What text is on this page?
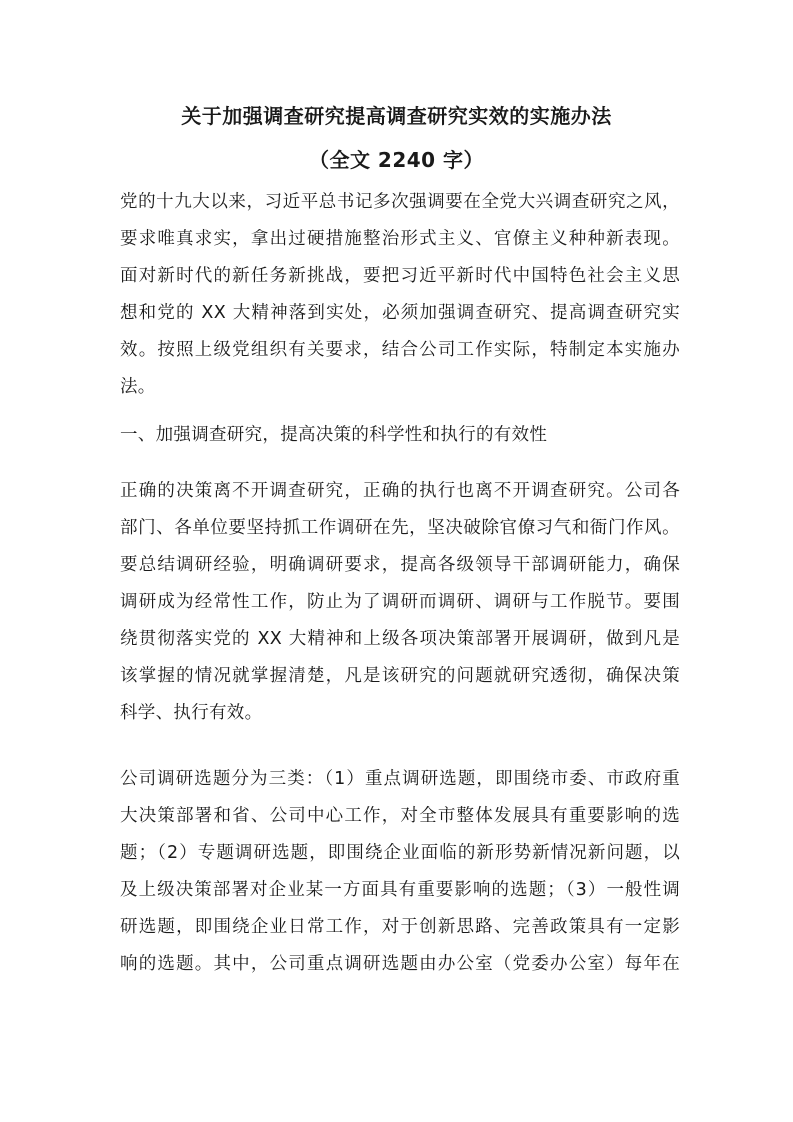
关于加强调查研究提高调查研究实效的实施办法
（全文 2240 字）
党的十九大以来，习近平总书记多次强调要在全党大兴调查研究之风，
要求唯真求实，拿出过硬措施整治形式主义、官僚主义种种新表现。
面对新时代的新任务新挑战，要把习近平新时代中国特色社会主义思
想和党的 XX 大精神落到实处，必须加强调查研究、提高调查研究实
效。按照上级党组织有关要求，结合公司工作实际，特制定本实施办
法。
一、加强调查研究，提高决策的科学性和执行的有效性
正确的决策离不开调查研究，正确的执行也离不开调查研究。公司各
部门、各单位要坚持抓工作调研在先，坚决破除官僚习气和衙门作风。
要总结调研经验，明确调研要求，提高各级领导干部调研能力，确保
调研成为经常性工作，防止为了调研而调研、调研与工作脱节。要围
绕贯彻落实党的 XX 大精神和上级各项决策部署开展调研，做到凡是
该掌握的情况就掌握清楚，凡是该研究的问题就研究透彻，确保决策
科学、执行有效。
公司调研选题分为三类：（1）重点调研选题，即围绕市委、市政府重
大决策部署和省、公司中心工作，对全市整体发展具有重要影响的选
题；（2）专题调研选题，即围绕企业面临的新形势新情况新问题，以
及上级决策部署对企业某一方面具有重要影响的选题；（3）一般性调
研选题，即围绕企业日常工作，对于创新思路、完善政策具有一定影
响的选题。其中，公司重点调研选题由办公室（党委办公室）每年在
